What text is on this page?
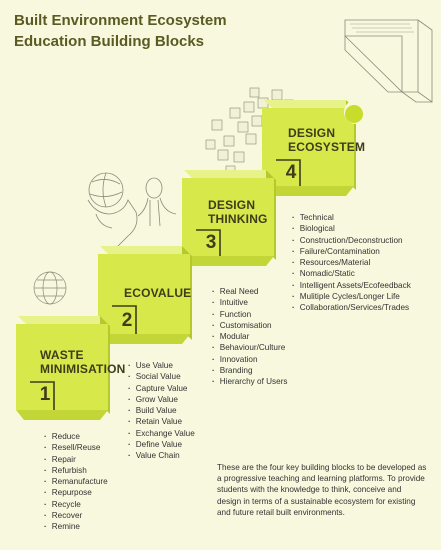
Built Environment Ecosystem
Education Building Blocks
DESIGN
ECOSYSTEM
4
DESIGN
THINKING
3
ECOVALUE
2
WASTE
MINIMISATION
1
· Technical
· Biological
· Construction/Deconstruction
· Failure/Contamination
· Resources/Material
· Nomadic/Static
· Intelligent Assets/Ecofeedback
· Mulitiple Cycles/Longer Life
· Collaboration/Services/Trades
· Real Need
· Intuitive
· Function
· Customisation
· Modular
· Behaviour/Culture
· Innovation
· Branding
· Hierarchy of Users
· Use Value
· Social Value
· Capture Value
· Grow Value
· Build Value
· Retain Value
· Exchange Value
· Define Value
· Value Chain
· Reduce
· Resell/Reuse
· Repair
· Refurbish
· Remanufacture
· Repurpose
· Recycle
· Recover
· Remine

These are the four key building blocks to be developed as a progressive teaching and learning platforms. To provide students with the knowledge to think, conceive and design in terms of a sustainable ecosystem for existing and future retail built environments.
